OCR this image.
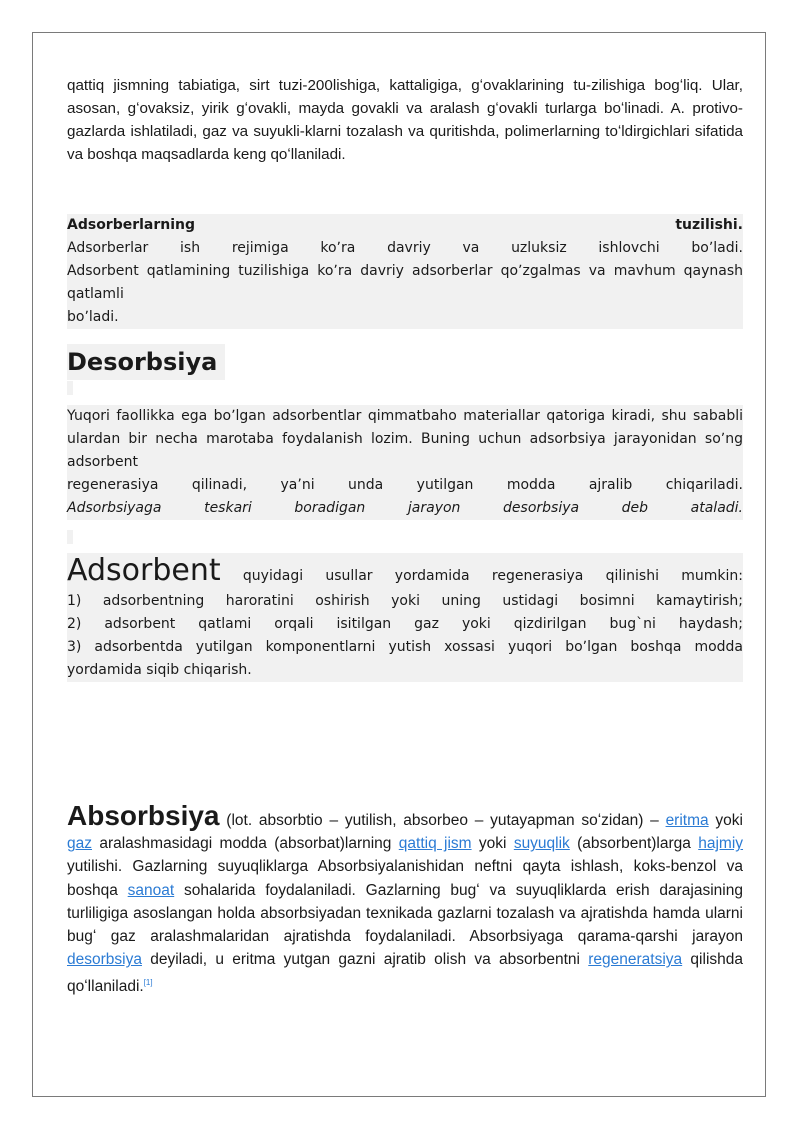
qattiq jismning tabiatiga, sirt tuzi-200lishiga, kattaligiga, gʻovaklarining tu-zilishiga bogʻliq. Ular, asosan, gʻovaksiz, yirik gʻovakli, mayda govakli va aralash gʻovakli turlarga boʻlinadi. A. protivo-gazlarda ishlatiladi, gaz va suyukli-klarni tozalash va quritishda, polimerlarning toʻldirgichlari sifatida va boshqa maqsadlarda keng qoʻllaniladi.

Adsorberlarning tuzilishi.
Adsorberlar ish rejimiga koʼra davriy va uzluksiz ishlovchi boʼladi.
Adsorbent qatlamining tuzilishiga koʼra davriy adsorberlar qoʼzgalmas va mavhum qaynash qatlamli
boʼladi.
Desorbsiya
Yuqori faollikka ega boʼlgan adsorbentlar qimmatbaho materiallar qatoriga kiradi, shu sababli ulardan bir necha marotaba foydalanish lozim. Buning uchun adsorbsiya jarayonidan soʼng adsorbent
regenerasiya qilinadi, ya’ni unda yutilgan modda ajralib chiqariladi.
Adsorbsiyaga teskari boradigan jarayon desorbsiya deb ataladi.
Adsorbent quyidagi usullar yordamida regenerasiya qilinishi mumkin:
1) adsorbentning haroratini oshirish yoki uning ustidagi bosimni kamaytirish;
2) adsorbent qatlami orqali isitilgan gaz yoki qizdirilgan bug`ni haydash;
3) adsorbentda yutilgan komponentlarni yutish xossasi yuqori boʼlgan boshqa modda yordamida siqib chiqarish.

Absorbsiya (lot. absorbtio – yutilish, absorbeo – yutayapman soʻzidan) – eritma yoki gaz aralashmasidagi modda (absorbat)larning qattiq jism yoki suyuqlik (absorbent)larga hajmiy yutilishi. Gazlarning suyuqliklarga Absorbsiyalanishidan neftni qayta ishlash, koks-benzol va boshqa sanoat sohalarida foydalaniladi. Gazlarning bugʻ va suyuqliklarda erish darajasining turliligiga asoslangan holda absorbsiyadan texnikada gazlarni tozalash va ajratishda hamda ularni bugʻ gaz aralashmalaridan ajratishda foydalaniladi. Absorbsiyaga qarama-qarshi jarayon desorbsiya deyiladi, u eritma yutgan gazni ajratib olish va absorbentni regeneratsiya qilishda qoʻllaniladi.[1]
